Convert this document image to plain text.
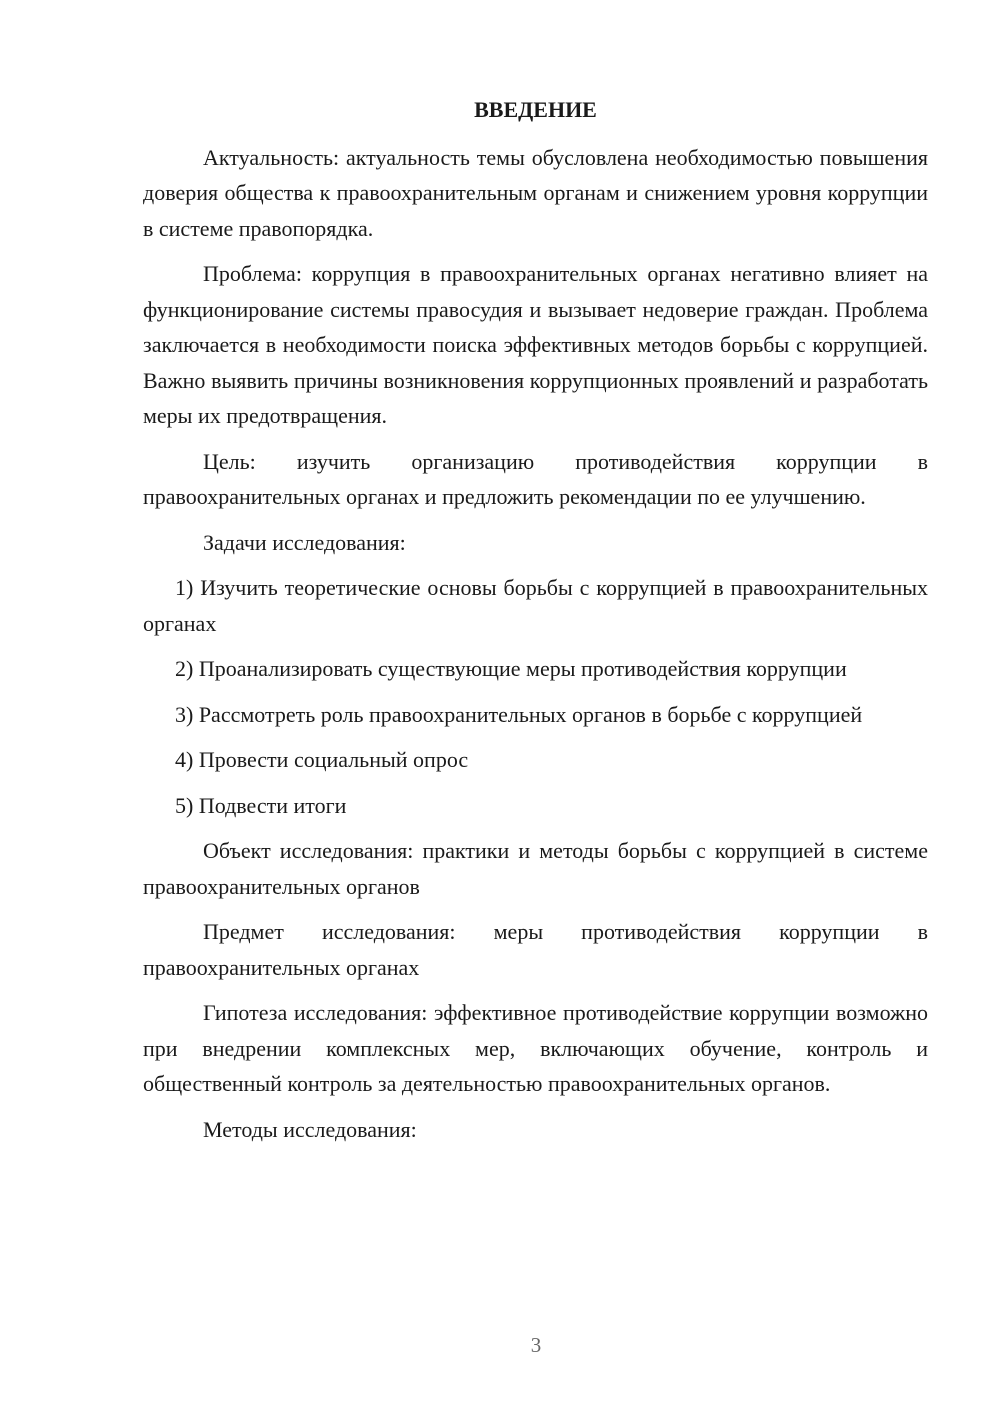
ВВЕДЕНИЕ

Актуальность: актуальность темы обусловлена необходимостью повышения доверия общества к правоохранительным органам и снижением уровня коррупции в системе правопорядка.

Проблема: коррупция в правоохранительных органах негативно влияет на функционирование системы правосудия и вызывает недоверие граждан. Проблема заключается в необходимости поиска эффективных методов борьбы с коррупцией. Важно выявить причины возникновения коррупционных проявлений и разработать меры их предотвращения.

Цель: изучить организацию противодействия коррупции в правоохранительных органах и предложить рекомендации по ее улучшению.

Задачи исследования:

1) Изучить теоретические основы борьбы с коррупцией в правоохранительных органах

2) Проанализировать существующие меры противодействия коррупции

3) Рассмотреть роль правоохранительных органов в борьбе с коррупцией

4) Провести социальный опрос

5) Подвести итоги

Объект исследования: практики и методы борьбы с коррупцией в системе правоохранительных органов

Предмет исследования: меры противодействия коррупции в правоохранительных органах

Гипотеза исследования: эффективное противодействие коррупции возможно при внедрении комплексных мер, включающих обучение, контроль и общественный контроль за деятельностью правоохранительных органов.

Методы исследования:

3
